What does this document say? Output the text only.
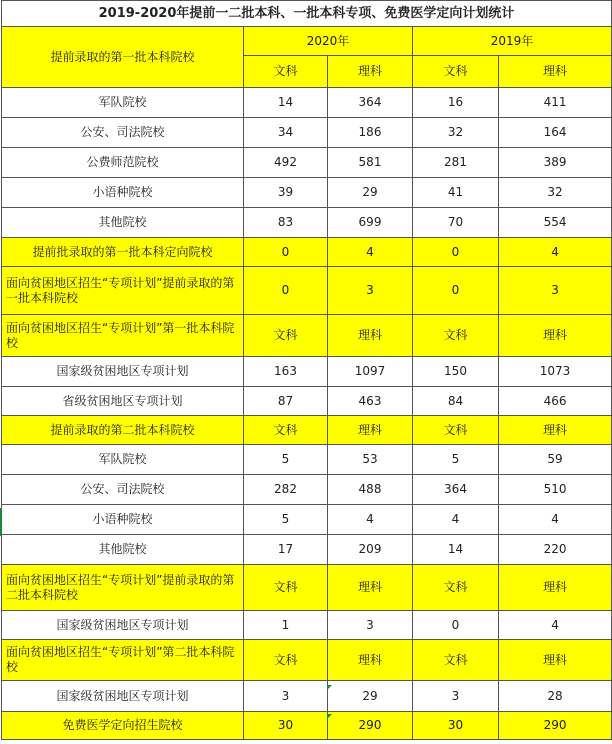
2019-2020年提前一二批本科、一批本科专项、免费医学定向计划统计				
提前录取的第一批本科院校	2020年		2019年	
	文科	理科	文科	理科
军队院校	14	364	16	411
公安、司法院校	34	186	32	164
公费师范院校	492	581	281	389
小语种院校	39	29	41	32
其他院校	83	699	70	554
提前批录取的第一批本科定向院校	0	4	0	4
面向贫困地区招生“专项计划”提前录取的第一批本科院校	0	3	0	3
面向贫困地区招生“专项计划”第一批本科院校	文科	理科	文科	理科
国家级贫困地区专项计划	163	1097	150	1073
省级贫困地区专项计划	87	463	84	466
提前录取的第二批本科院校	文科	理科	文科	理科
军队院校	5	53	5	59
公安、司法院校	282	488	364	510
小语种院校	5	4	4	4
其他院校	17	209	14	220
面向贫困地区招生“专项计划”提前录取的第二批本科院校	文科	理科	文科	理科
国家级贫困地区专项计划	1	3	0	4
面向贫困地区招生“专项计划”第二批本科院校	文科	理科	文科	理科
国家级贫困地区专项计划	3	29	3	28
免费医学定向招生院校	30	290	30	290
